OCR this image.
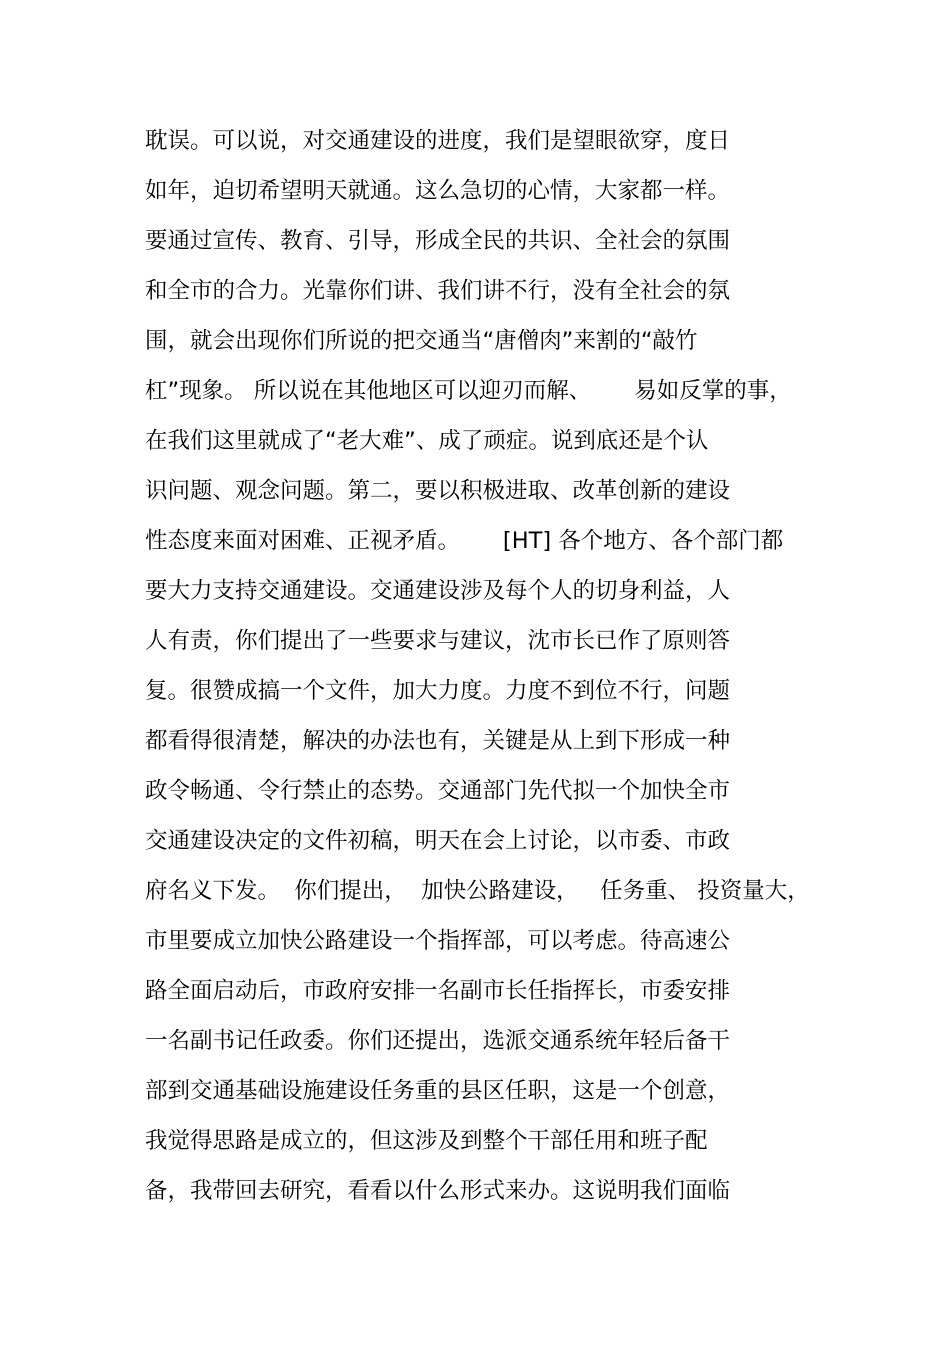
耽误。可以说，对交通建设的进度，我们是望眼欲穿，度日
如年，迫切希望明天就通。这么急切的心情，大家都一样。
要通过宣传、教育、引导，形成全民的共识、全社会的氛围
和全市的合力。光靠你们讲、我们讲不行，没有全社会的氛
围，就会出现你们所说的把交通当“唐僧肉”来割的“敲竹
杠”现象。 所以说在其他地区可以迎刃而解、      易如反掌的事，
在我们这里就成了“老大难”、成了顽症。说到底还是个认
识问题、观念问题。第二，要以积极进取、改革创新的建设
性态度来面对困难、正视矛盾。      [HT] 各个地方、各个部门都
要大力支持交通建设。交通建设涉及每个人的切身利益，人
人有责，你们提出了一些要求与建议，沈市长已作了原则答
复。很赞成搞一个文件，加大力度。力度不到位不行，问题
都看得很清楚，解决的办法也有，关键是从上到下形成一种
政令畅通、令行禁止的态势。交通部门先代拟一个加快全市
交通建设决定的文件初稿，明天在会上讨论，以市委、市政
府名义下发。  你们提出，  加快公路建设，   任务重、 投资量大，
市里要成立加快公路建设一个指挥部，可以考虑。待高速公
路全面启动后，市政府安排一名副市长任指挥长，市委安排
一名副书记任政委。你们还提出，选派交通系统年轻后备干
部到交通基础设施建设任务重的县区任职，这是一个创意，
我觉得思路是成立的，但这涉及到整个干部任用和班子配
备，我带回去研究，看看以什么形式来办。这说明我们面临
